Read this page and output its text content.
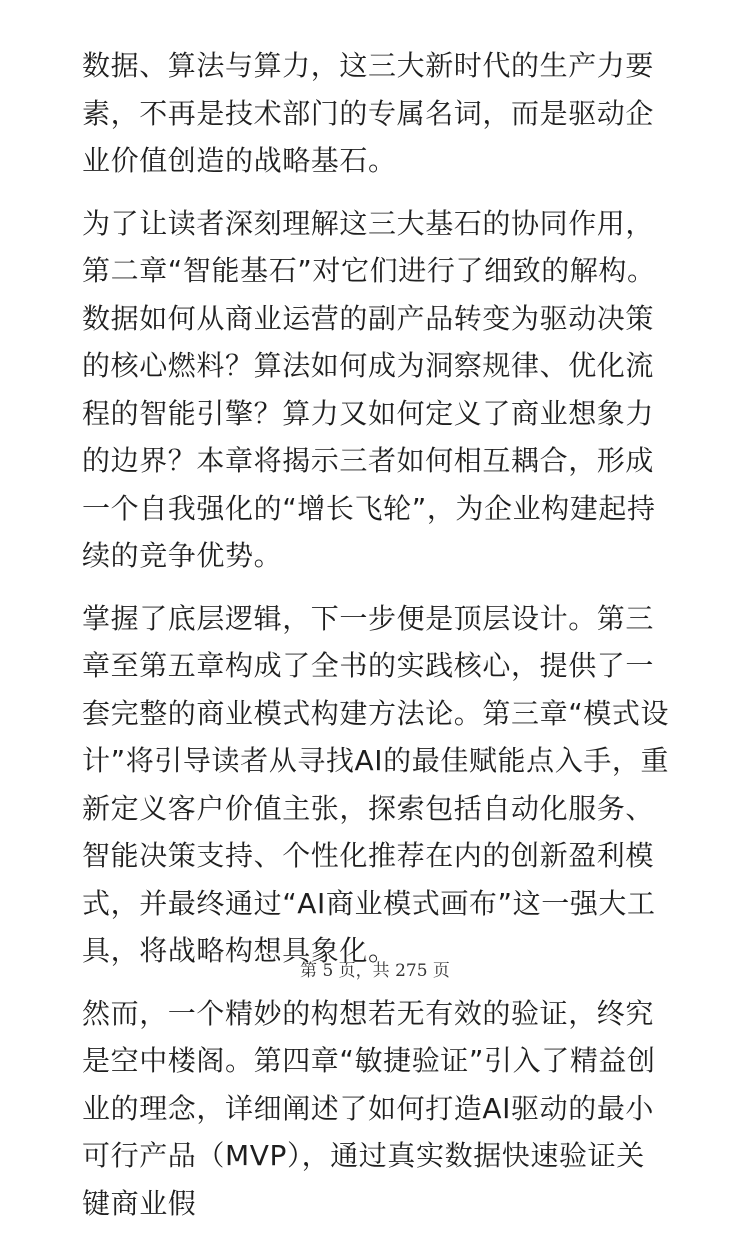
数据、算法与算力，这三大新时代的生产力要素，不再是技术部门的专属名词，而是驱动企业价值创造的战略基石。

为了让读者深刻理解这三大基石的协同作用，第二章“智能基石”对它们进行了细致的解构。数据如何从商业运营的副产品转变为驱动决策的核心燃料？算法如何成为洞察规律、优化流程的智能引擎？算力又如何定义了商业想象力的边界？本章将揭示三者如何相互耦合，形成一个自我强化的“增长飞轮”，为企业构建起持续的竞争优势。

掌握了底层逻辑，下一步便是顶层设计。第三章至第五章构成了全书的实践核心，提供了一套完整的商业模式构建方法论。第三章“模式设计”将引导读者从寻找AI的最佳赋能点入手，重新定义客户价值主张，探索包括自动化服务、智能决策支持、个性化推荐在内的创新盈利模式，并最终通过“AI商业模式画布”这一强大工具，将战略构想具象化。

然而，一个精妙的构想若无有效的验证，终究是空中楼阁。第四章“敏捷验证”引入了精益创业的理念，详细阐述了如何打造AI驱动的最小可行产品（MVP），通过真实数据快速验证关键商业假

第 5 页，共 275 页
